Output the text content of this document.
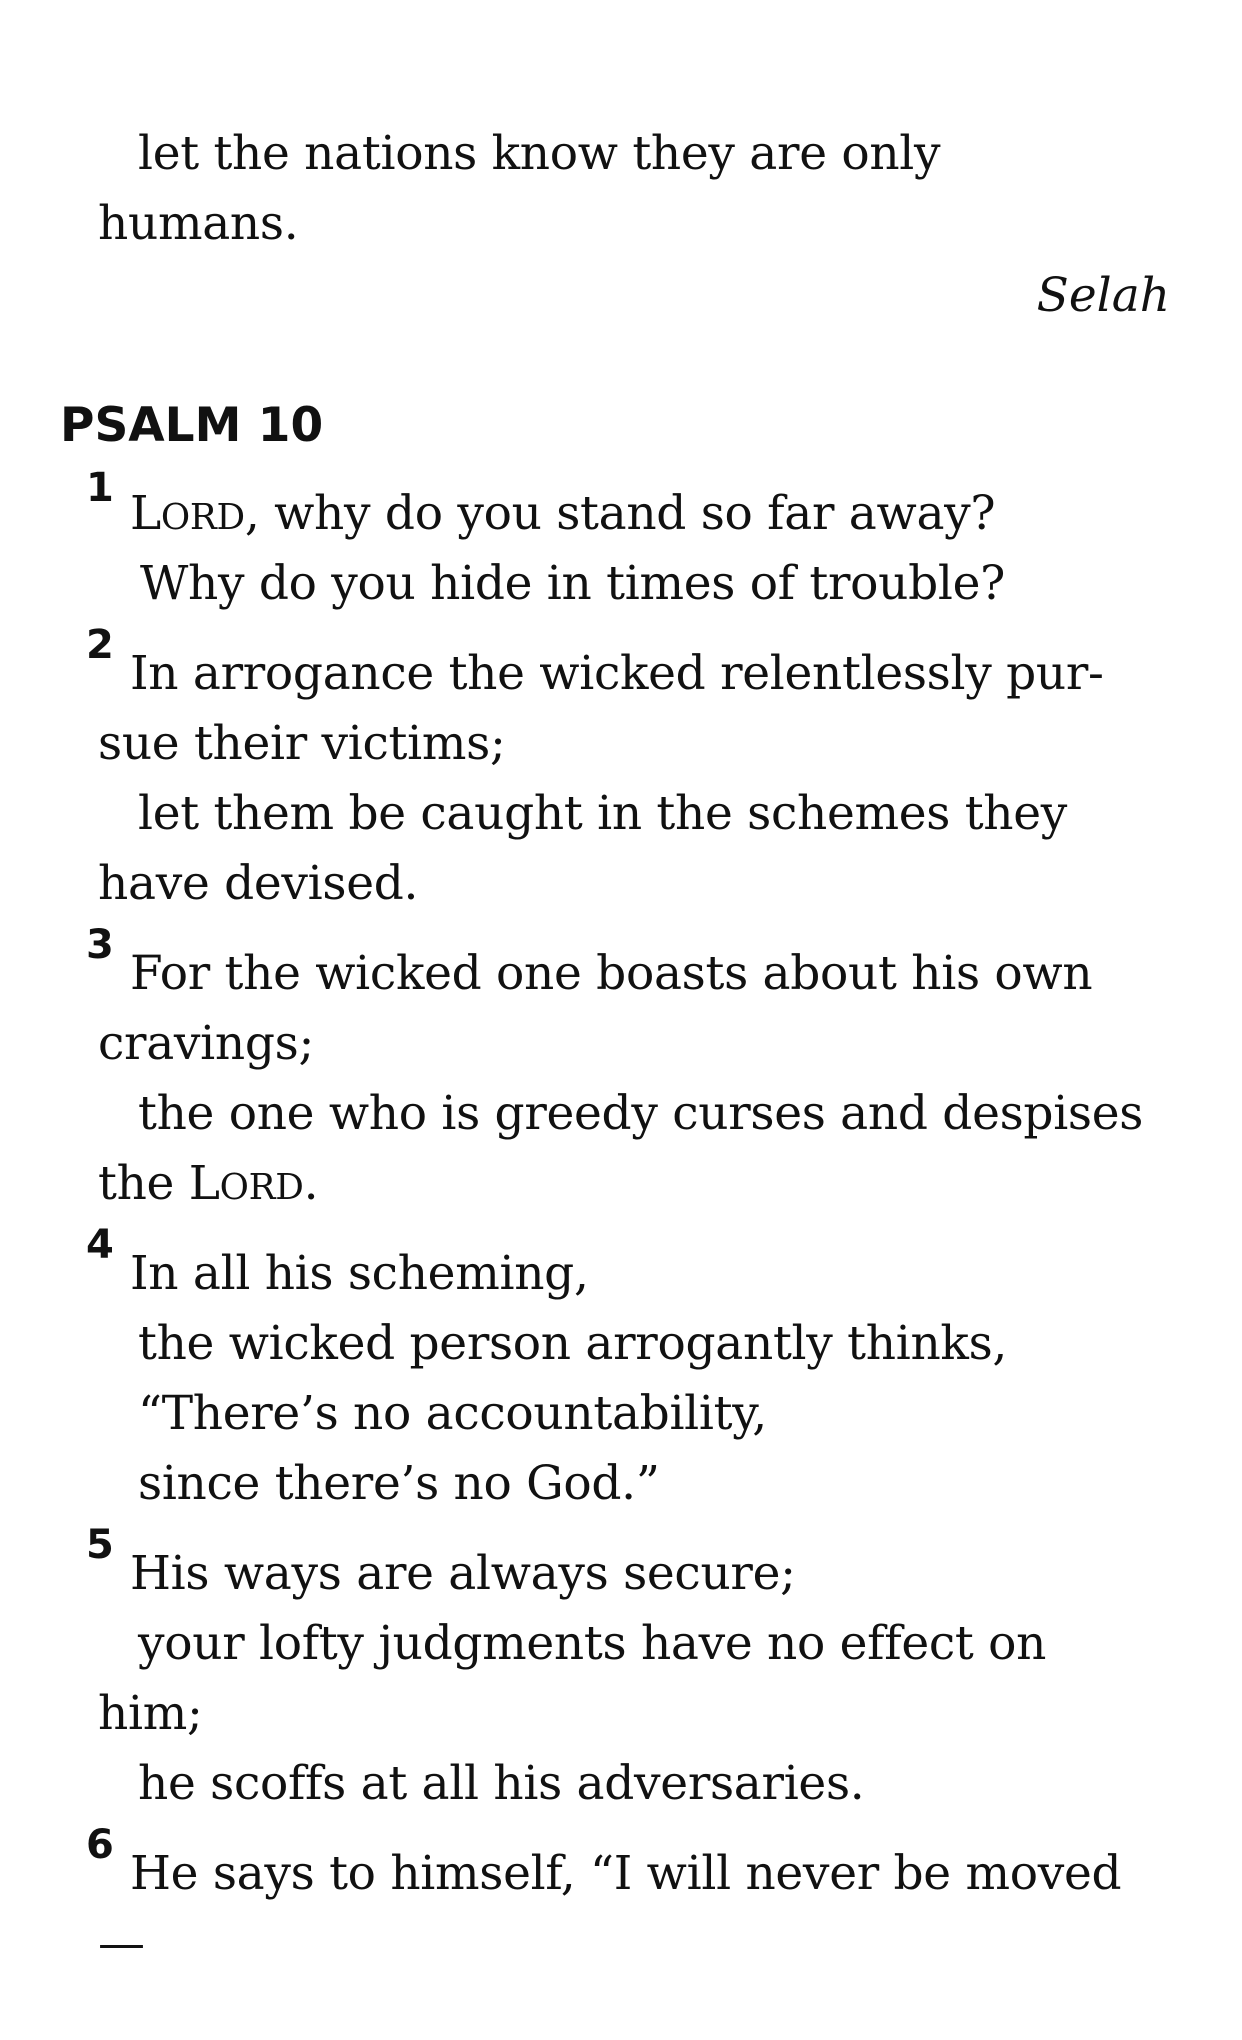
let the nations know they are only

humans.

Selah

PSALM 10
1 LORD, why do you stand so far away?

Why do you hide in times of trouble?

2

In arrogance the wicked relentlessly pur-

sue their victims;

let them be caught in the schemes they

have devised.

3

For the wicked one boasts about his own

cravings;

the one who is greedy curses and despises

the LORD.

4

In all his scheming,

the wicked person arrogantly thinks,

“There’s no accountability,

since there’s no God.”

5

His ways are always secure;

your lofty judgments have no effect on

him;

he scoffs at all his adversaries.

6

He says to himself, “I will never be moved

—
